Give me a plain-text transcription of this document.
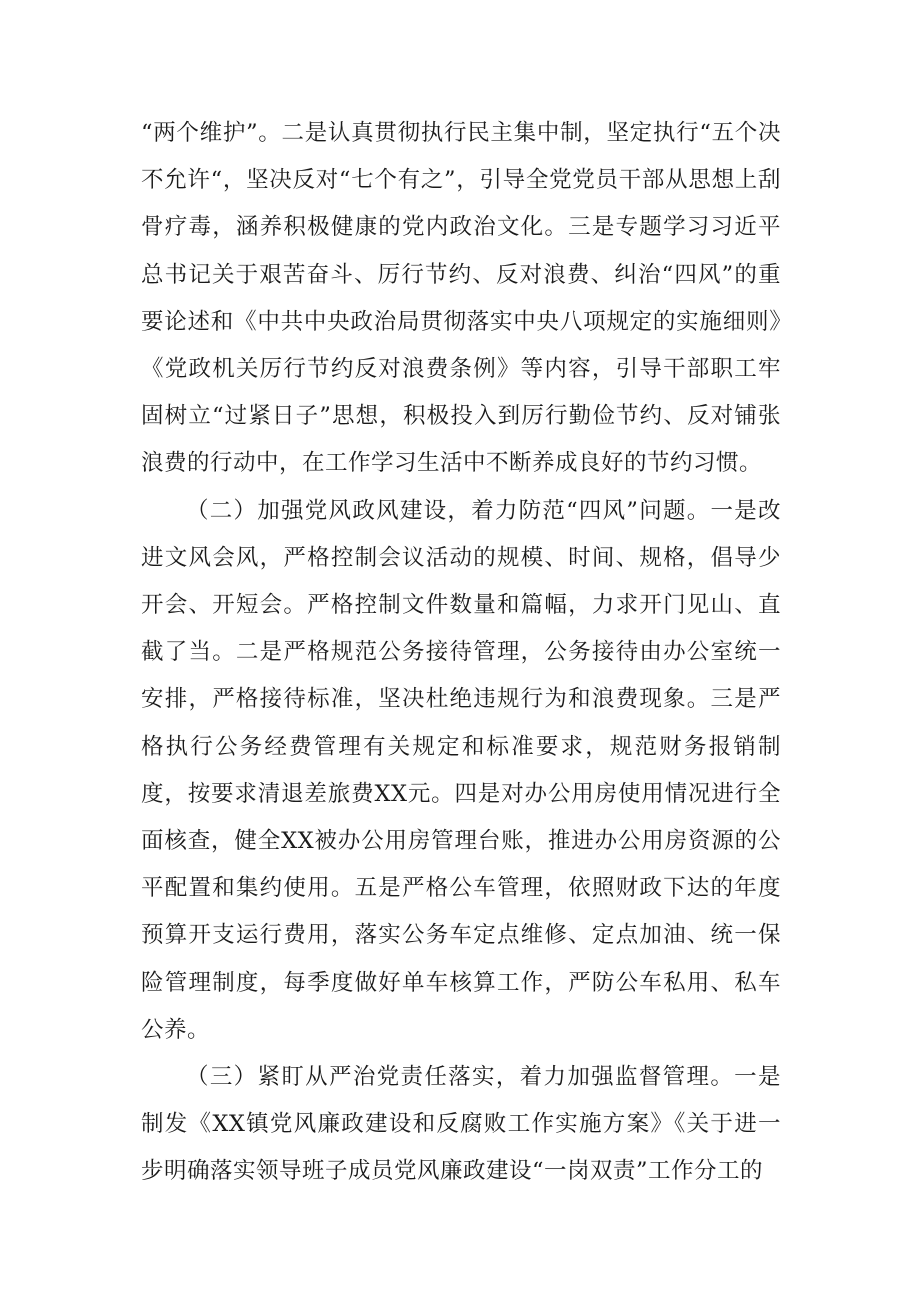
“两个维护”。二是认真贯彻执行民主集中制，坚定执行“五个决不允许“，坚决反对“七个有之”，引导全党党员干部从思想上刮骨疗毒，涵养积极健康的党内政治文化。三是专题学习习近平总书记关于艰苦奋斗、厉行节约、反对浪费、纠治“四风”的重要论述和《中共中央政治局贯彻落实中央八项规定的实施细则》《党政机关厉行节约反对浪费条例》等内容，引导干部职工牢固树立“过紧日子”思想，积极投入到厉行勤俭节约、反对铺张浪费的行动中，在工作学习生活中不断养成良好的节约习惯。

（二）加强党风政风建设，着力防范“四风”问题。一是改进文风会风，严格控制会议活动的规模、时间、规格，倡导少开会、开短会。严格控制文件数量和篇幅，力求开门见山、直截了当。二是严格规范公务接待管理，公务接待由办公室统一安排，严格接待标准，坚决杜绝违规行为和浪费现象。三是严格执行公务经费管理有关规定和标准要求，规范财务报销制度，按要求清退差旅费XX元。四是对办公用房使用情况进行全面核查，健全XX被办公用房管理台账，推进办公用房资源的公平配置和集约使用。五是严格公车管理，依照财政下达的年度预算开支运行费用，落实公务车定点维修、定点加油、统一保险管理制度，每季度做好单车核算工作，严防公车私用、私车公养。

（三）紧盯从严治党责任落实，着力加强监督管理。一是制发《XX镇党风廉政建设和反腐败工作实施方案》《关于进一步明确落实领导班子成员党风廉政建设“一岗双责”工作分工的
